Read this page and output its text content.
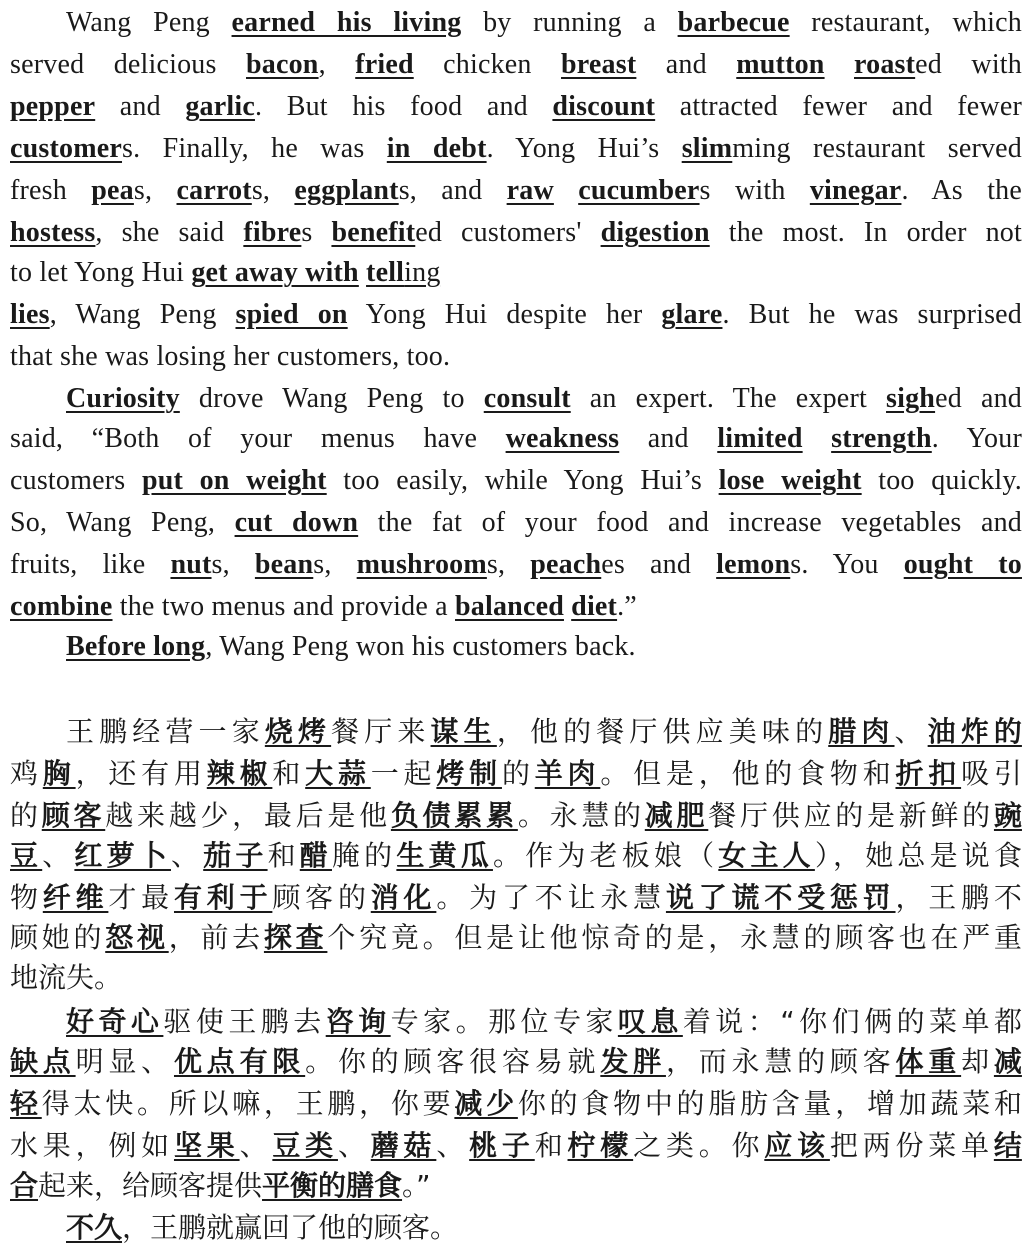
Wang Peng earned his living by running a barbecue restaurant, which
served delicious bacon, fried chicken breast and mutton roasted with
pepper and garlic. But his food and discount attracted fewer and fewer
customers. Finally, he was in debt. Yong Hui’s slimming restaurant served
fresh peas, carrots, eggplants, and raw cucumbers with vinegar. As the
hostess, she said fibres benefited customers' digestion the most. In order not
to let Yong Hui get away with telling
lies, Wang Peng spied on Yong Hui despite her glare. But he was surprised
that she was losing her customers, too.
Curiosity drove Wang Peng to consult an expert. The expert sighed and
said, “Both of your menus have weakness and limited strength. Your
customers put on weight too easily, while Yong Hui’s lose weight too quickly.
So, Wang Peng, cut down the fat of your food and increase vegetables and
fruits, like nuts, beans, mushrooms, peaches and lemons. You ought to
combine the two menus and provide a balanced diet.”
Before long, Wang Peng won his customers back.
王鹏经营一家烧烤餐厅来谋生，他的餐厅供应美味的腊肉、油炸的
鸡胸，还有用辣椒和大蒜一起烤制的羊肉。但是，他的食物和折扣吸引
的顾客越来越少，最后是他负债累累。永慧的减肥餐厅供应的是新鲜的豌
豆、红萝卜、茄子和醋腌的生黄瓜。作为老板娘（女主人），她总是说食
物纤维才最有利于顾客的消化。为了不让永慧说了谎不受惩罚，王鹏不
顾她的怒视，前去探查个究竟。但是让他惊奇的是，永慧的顾客也在严重
地流失。
好奇心驱使王鹏去咨询专家。那位专家叹息着说：“你们俩的菜单都
缺点明显、优点有限。你的顾客很容易就发胖，而永慧的顾客体重却减
轻得太快。所以嘛，王鹏，你要减少你的食物中的脂肪含量，增加蔬菜和
水果，例如坚果、豆类、蘑菇、桃子和柠檬之类。你应该把两份菜单结
合起来，给顾客提供平衡的膳食。”
不久，王鹏就赢回了他的顾客。
